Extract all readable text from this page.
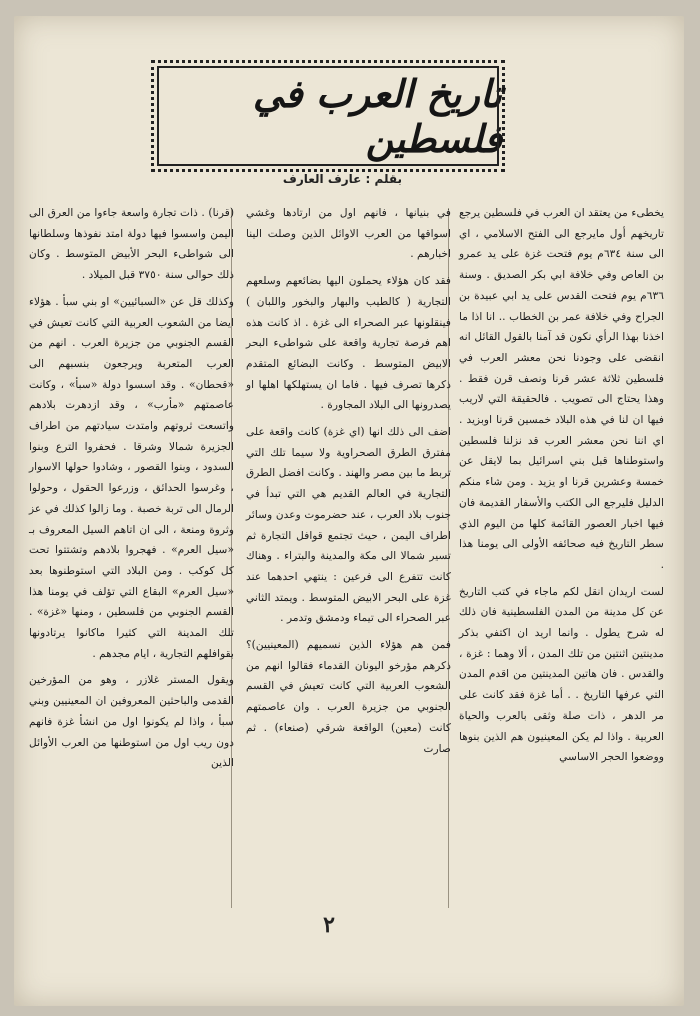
تاريخ العرب في فلسطين
بقلم : عارف العارف

يخطىء من يعتقد ان العرب في فلسطين يرجع تاريخهم أول مايرجع الى الفتح الاسلامي ، اي الى سنة ٦٣٤م يوم فتحت غزة على يد عمرو بن العاص وفي خلافة ابي بكر الصديق . وسنة ٦٣٦م يوم فتحت القدس على يد ابي عبيدة بن الجراح وفي خلافة عمر بن الخطاب .. انا اذا ما اخذنا بهذا الرأي نكون قد آمنا بالقول القائل انه انقضى على وجودنا نحن معشر العرب في فلسطين ثلاثة عشر قرنا ونصف قرن فقط . وهذا يحتاج الى تصويب . فالحقيقة التي لاريب فيها ان لنا في هذه البلاد خمسين قرنا اوبزيد . اي اننا نحن معشر العرب قد نزلنا فلسطين واستوطناها قبل بني اسرائيل بما لايقل عن خمسة وعشرين قرنا او يزيد . ومن شاء منكم الدليل فليرجع الى الكتب والأسفار القديمة فان فيها اخبار العصور القائمة كلها من اليوم الذي سطر التاريخ فيه صحائفه الأولى الى يومنا هذا .

لست اريدان انقل لكم ماجاء في كتب التاريخ عن كل مدينة من المدن الفلسطينية فان ذلك له شرح يطول . وانما اريد ان اكتفي بذكر مدينتين اثنتين من تلك المدن ، ألا وهما : غزة ، والقدس . فان هاتين المدينتين من اقدم المدن التي عرفها التاريخ . . أما غزة فقد كانت على مر الدهر ، ذات صلة وثقى بالعرب والحياة العربية . واذا لم يكن المعينيون هم الذين بنوها ووضعوا الحجر الاساسي

في بنيانها ، فانهم اول من ارتادها وغشي اسواقها من العرب الاوائل الذين وصلت الينا اخبارهم .

فقد كان هؤلاء يحملون اليها بضائعهم وسلعهم التجارية ( كالطيب والبهار والبخور واللبان ) فينقلونها عبر الصحراء الى غزة . اذ كانت هذه اهم فرصة تجارية واقعة على شواطىء البحر الابيض المتوسط . وكانت البضائع المتقدم ذكرها تصرف فيها . فاما ان يستهلكها اهلها او يصدرونها الى البلاد المجاورة .

اضف الى ذلك انها (اي غزة) كانت واقعة على مفترق الطرق الصحراوية ولا سيما تلك التي تربط ما بين مصر والهند . وكانت افضل الطرق التجارية في العالم القديم هي التي تبدأ في جنوب بلاد العرب ، عند حضرموت وعدن وسائر اطراف اليمن ، حيث تجتمع قوافل التجارة ثم تسير شمالا الى مكة والمدينة والبتراء . وهناك كانت تتفرع الى فرعين : ينتهي احدهما عند غزة على البحر الابيض المتوسط . ويمتد الثاني عبر الصحراء الى تيماء ودمشق وتدمر .

فمن هم هؤلاء الذين نسميهم (المعينيين)؟ ذكرهم مؤرخو اليونان القدماء فقالوا انهم من الشعوب العربية التي كانت تعيش في القسم الجنوبي من جزيرة العرب . وان عاصمتهم كانت (معين) الواقعة شرقي (صنعاء) . ثم صارت

(قرنا) . ذات تجارة واسعة جاءوا من العرق الى اليمن واسسوا فيها دولة امتد نفوذها وسلطانها الى شواطىء البحر الأبيض المتوسط . وكان ذلك حوالى سنة ٣٧٥٠ قبل الميلاد .

وكذلك قل عن «السبائيين» او بني سبأ . هؤلاء ايضا من الشعوب العربية التي كانت تعيش في القسم الجنوبي من جزيرة العرب . انهم من العرب المتعربة ويرجعون بنسبهم الى «قحطان» . وقد اسسوا دولة «سبأ» ، وكانت عاصمتهم «مأرب» ، وقد ازدهرت بلادهم واتسعت ثروتهم وامتدت سيادتهم من اطراف الجزيرة شمالا وشرقا . فحفروا الترع وبنوا السدود ، وبنوا القصور ، وشادوا حولها الاسوار ، وغرسوا الحدائق ، وزرعوا الحقول ، وحولوا الرمال الى تربة خصبة . وما زالوا كذلك في عز وثروة ومنعة ، الى ان اتاهم السيل المعروف بـ «سيل العرم» . فهجروا بلادهم وتشتتوا تحت كل كوكب . ومن البلاد التي استوطنوها بعد «سيل العرم» البقاع التي تؤلف في يومنا هذا القسم الجنوبي من فلسطين ، ومنها «غزة» . تلك المدينة التي كثيرا ماكانوا يرتادونها بقوافلهم التجارية ، ايام مجدهم .

ويقول المستر غلازر ، وهو من المؤرخين القدمى والباحثين المعروفين ان المعينيين وبني سبأ ، واذا لم يكونوا اول من انشأ غزة فانهم دون ريب اول من استوطنها من العرب الأوائل الذين

٢
